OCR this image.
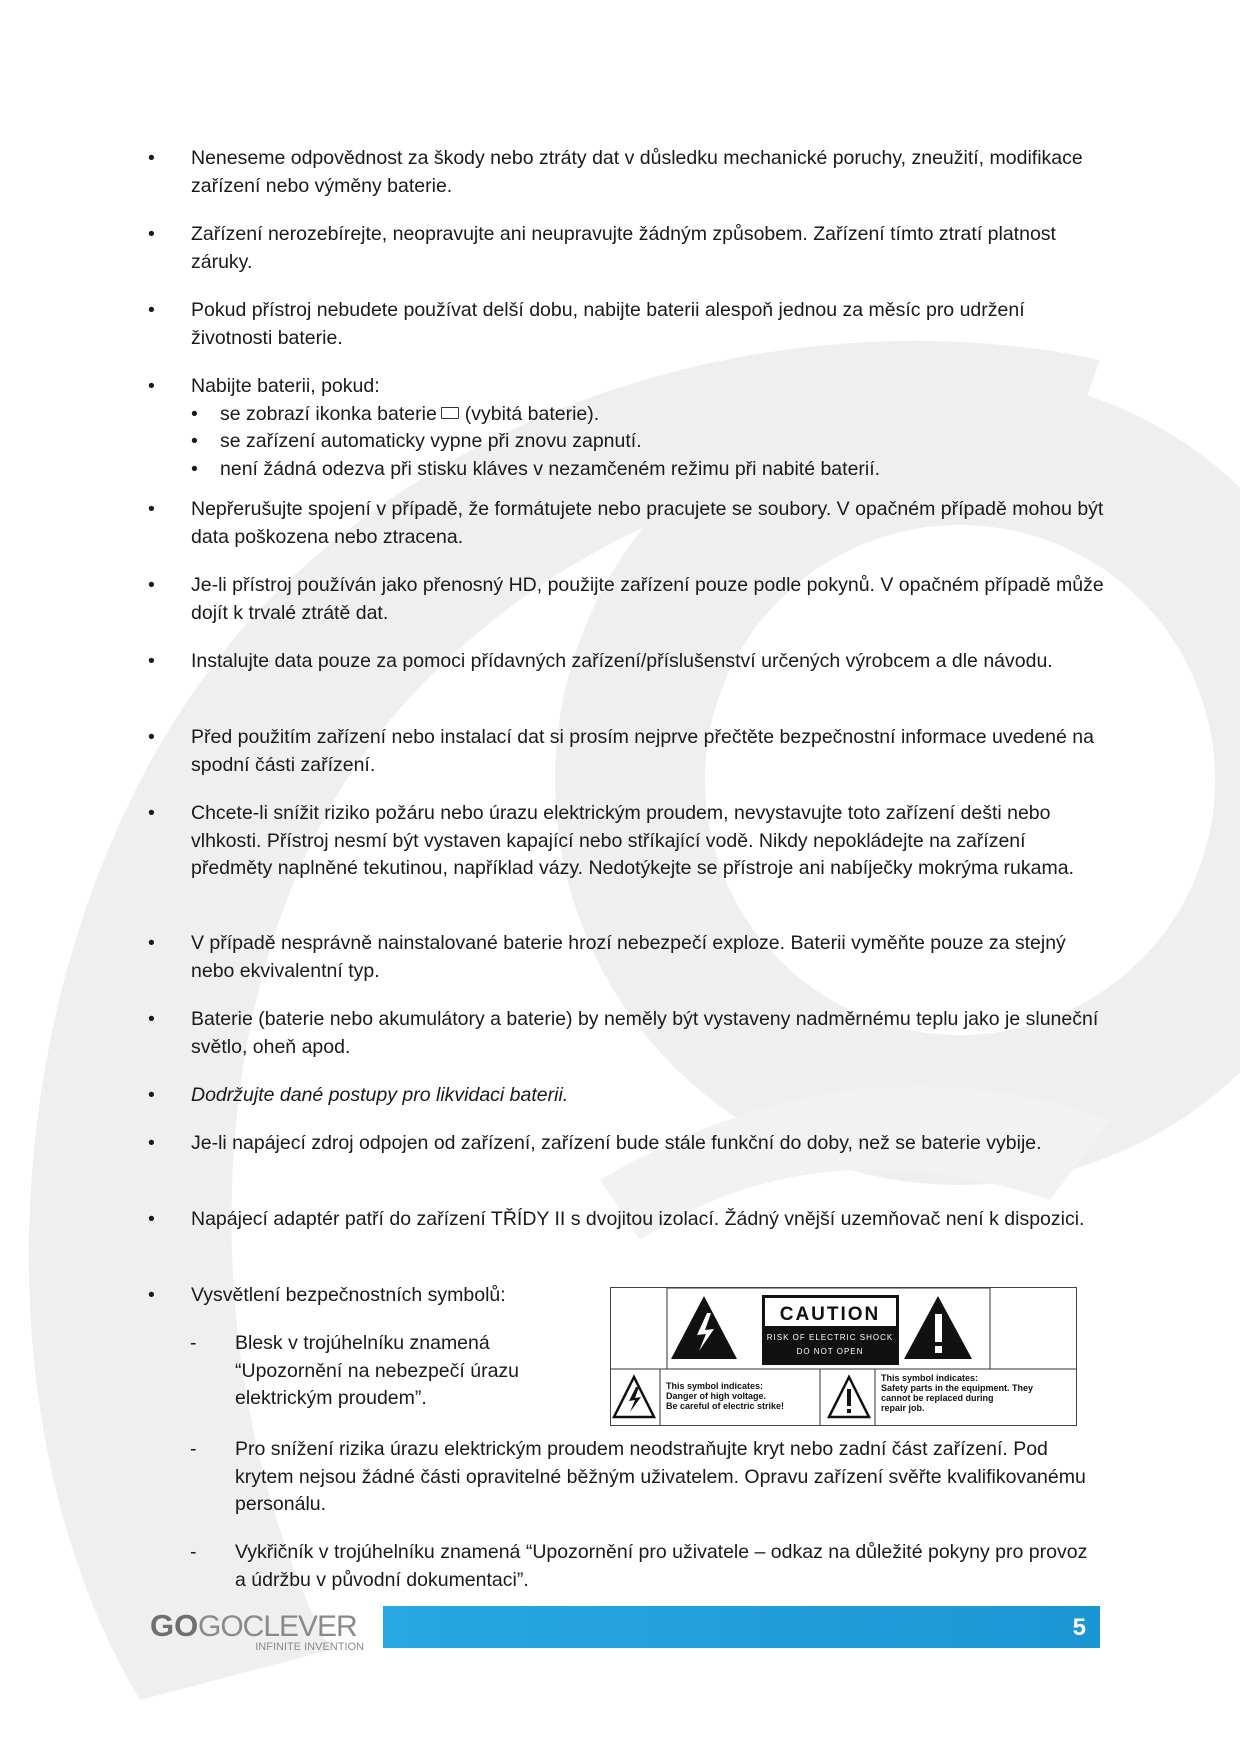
• Neneseme odpovědnost za škody nebo ztráty dat v důsledku mechanické poruchy, zneužití, modifikace zařízení nebo výměny baterie.
• Zařízení nerozebírejte, neopravujte ani neupravujte žádným způsobem. Zařízení tímto ztratí platnost záruky.
• Pokud přístroj nebudete používat delší dobu, nabijte baterii alespoň jednou za měsíc pro udržení životnosti baterie.
• Nabijte baterii, pokud:
• se zobrazí ikonka baterie (vybitá baterie).
• se zařízení automaticky vypne při znovu zapnutí.
• není žádná odezva při stisku kláves v nezamčeném režimu při nabité baterií.
• Nepřerušujte spojení v případě, že formátujete nebo pracujete se soubory. V opačném případě mohou být data poškozena nebo ztracena.
• Je-li přístroj používán jako přenosný HD, použijte zařízení pouze podle pokynů. V opačném případě může dojít k trvalé ztrátě dat.
• Instalujte data pouze za pomoci přídavných zařízení/příslušenství určených výrobcem a dle návodu.
• Před použitím zařízení nebo instalací dat si prosím nejprve přečtěte bezpečnostní informace uvedené na spodní části zařízení.
• Chcete-li snížit riziko požáru nebo úrazu elektrickým proudem, nevystavujte toto zařízení dešti nebo vlhkosti. Přístroj nesmí být vystaven kapající nebo stříkající vodě. Nikdy nepokládejte na zařízení předměty naplněné tekutinou, například vázy. Nedotýkejte se přístroje ani nabíječky mokrýma rukama.
• V případě nesprávně nainstalované baterie hrozí nebezpečí exploze. Baterii vyměňte pouze za stejný nebo ekvivalentní typ.
• Baterie (baterie nebo akumulátory a baterie) by neměly být vystaveny nadměrnému teplu jako je sluneční světlo, oheň apod.
• Dodržujte dané postupy pro likvidaci baterii.
• Je-li napájecí zdroj odpojen od zařízení, zařízení bude stále funkční do doby, než se baterie vybije.
• Napájecí adaptér patří do zařízení TŘÍDY II s dvojitou izolací. Žádný vnější uzemňovač není k dispozici.
• Vysvětlení bezpečnostních symbolů:
- Blesk v trojúhelníku znamená “Upozornění na nebezpečí úrazu elektrickým proudem”.
- Pro snížení rizika úrazu elektrickým proudem neodstraňujte kryt nebo zadní část zařízení. Pod krytem nejsou žádné části opravitelné běžným uživatelem. Opravu zařízení svěřte kvalifikovanému personálu.
- Vykřičník v trojúhelníku znamená “Upozornění pro uživatele – odkaz na důležité pokyny pro provoz a údržbu v původní dokumentaci”.
CAUTION
RISK OF ELECTRIC SHOCK
DO NOT OPEN
This symbol indicates:
Danger of high voltage.
Be careful of electric strike!
This symbol indicates:
Safety parts in the equipment. They
cannot be replaced during
repair job.
GO GOCLEVER
INFINITE INVENTION
5
